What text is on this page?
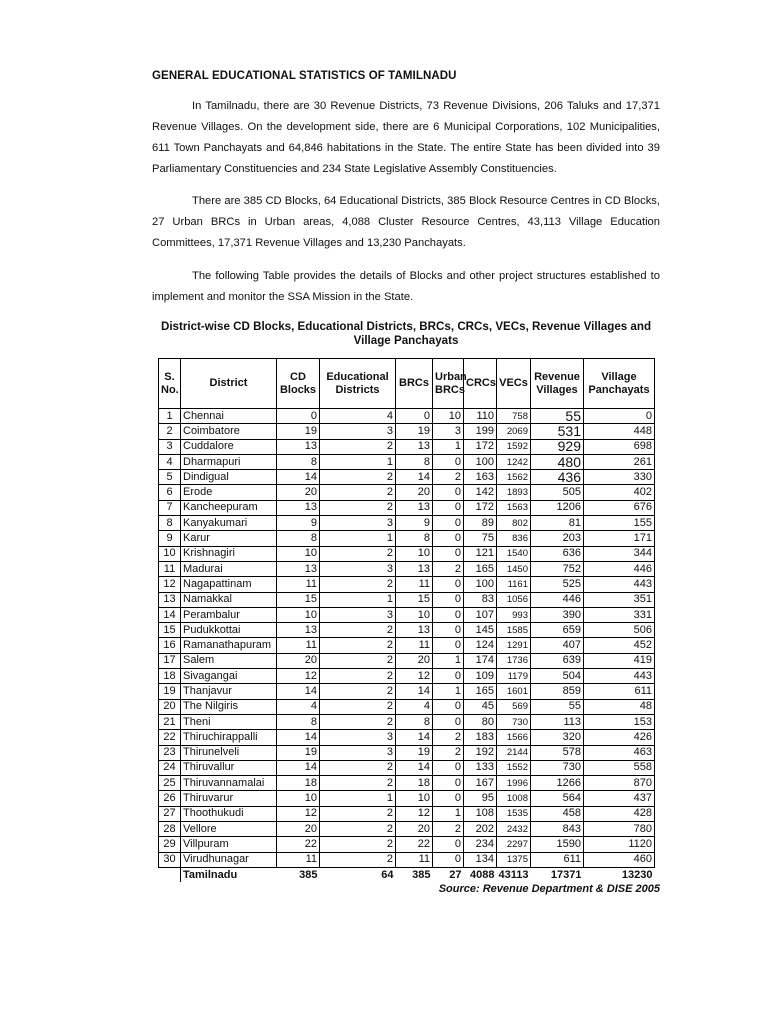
GENERAL EDUCATIONAL STATISTICS OF TAMILNADU

In Tamilnadu, there are 30 Revenue Districts, 73 Revenue Divisions, 206 Taluks and 17,371 Revenue Villages. On the development side, there are 6 Municipal Corporations, 102 Municipalities, 611 Town Panchayats and 64,846 habitations in the State. The entire State has been divided into 39 Parliamentary Constituencies and 234 State Legislative Assembly Constituencies.

There are 385 CD Blocks, 64 Educational Districts, 385 Block Resource Centres in CD Blocks, 27 Urban BRCs in Urban areas, 4,088 Cluster Resource Centres, 43,113 Village Education Committees, 17,371 Revenue Villages and 13,230 Panchayats.

The following Table provides the details of Blocks and other project structures established to implement and monitor the SSA Mission in the State.

District-wise CD Blocks, Educational Districts, BRCs, CRCs, VECs, Revenue Villages and Village Panchayats
S. No.	District	CD Blocks	Educational Districts	BRCs	Urban BRCs	CRCs	VECs	Revenue Villages	Village Panchayats
1	Chennai	0	4	0	10	110	758	55	0
2	Coimbatore	19	3	19	3	199	2069	531	448
3	Cuddalore	13	2	13	1	172	1592	929	698
4	Dharmapuri	8	1	8	0	100	1242	480	261
5	Dindigual	14	2	14	2	163	1562	436	330
6	Erode	20	2	20	0	142	1893	505	402
7	Kancheepuram	13	2	13	0	172	1563	1206	676
8	Kanyakumari	9	3	9	0	89	802	81	155
9	Karur	8	1	8	0	75	836	203	171
10	Krishnagiri	10	2	10	0	121	1540	636	344
11	Madurai	13	3	13	2	165	1450	752	446
12	Nagapattinam	11	2	11	0	100	1161	525	443
13	Namakkal	15	1	15	0	83	1056	446	351
14	Perambalur	10	3	10	0	107	993	390	331
15	Pudukkottai	13	2	13	0	145	1585	659	506
16	Ramanathapuram	11	2	11	0	124	1291	407	452
17	Salem	20	2	20	1	174	1736	639	419
18	Sivagangai	12	2	12	0	109	1179	504	443
19	Thanjavur	14	2	14	1	165	1601	859	611
20	The Nilgiris	4	2	4	0	45	569	55	48
21	Theni	8	2	8	0	80	730	113	153
22	Thiruchirappalli	14	3	14	2	183	1566	320	426
23	Thirunelveli	19	3	19	2	192	2144	578	463
24	Thiruvallur	14	2	14	0	133	1552	730	558
25	Thiruvannamalai	18	2	18	0	167	1996	1266	870
26	Thiruvarur	10	1	10	0	95	1008	564	437
27	Thoothukudi	12	2	12	1	108	1535	458	428
28	Vellore	20	2	20	2	202	2432	843	780
29	Villpuram	22	2	22	0	234	2297	1590	1120
30	Virudhunagar	11	2	11	0	134	1375	611	460
	Tamilnadu	385	64	385	27	4088	43113	17371	13230
Source: Revenue Department & DISE 2005
